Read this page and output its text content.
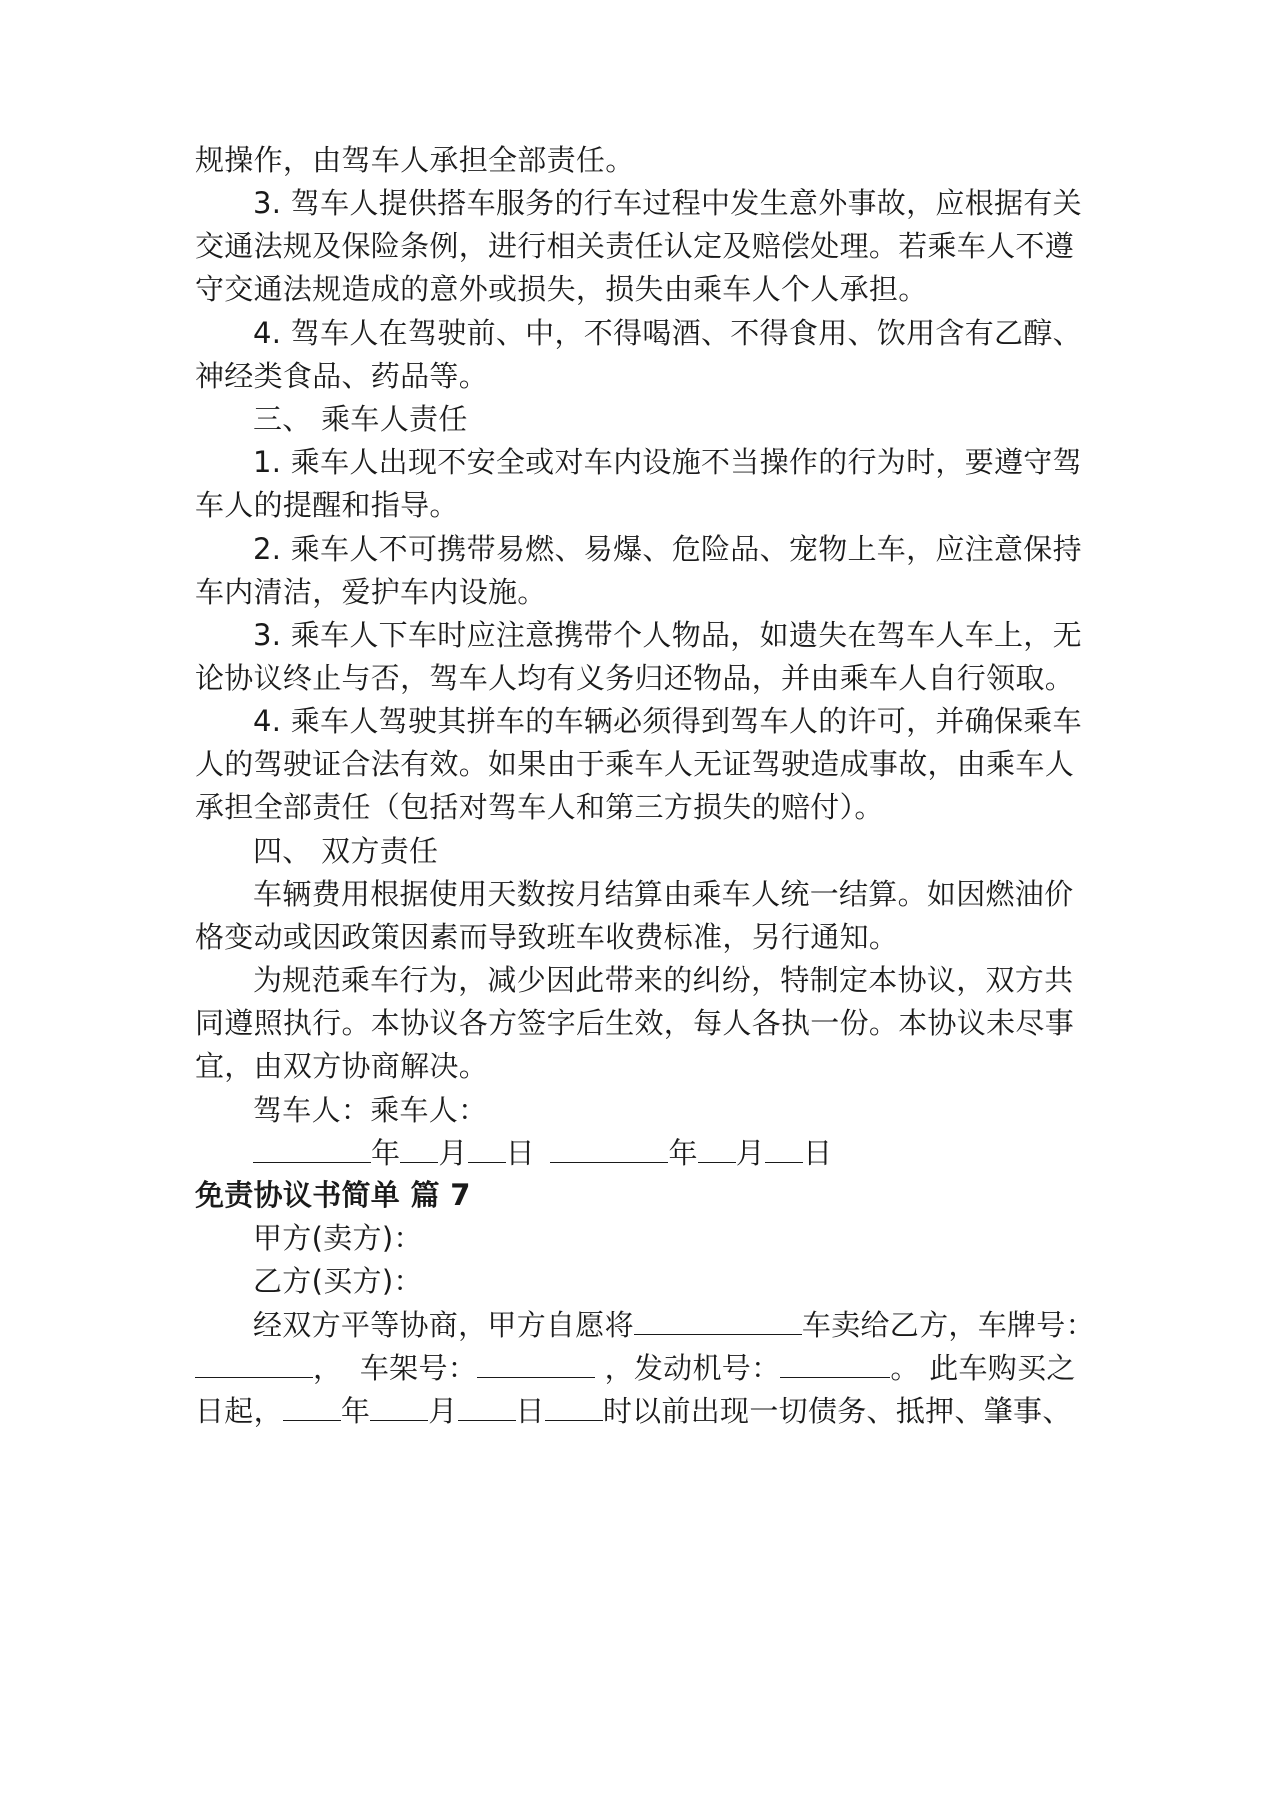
规操作，由驾车人承担全部责任。
3. 驾车人提供搭车服务的行车过程中发生意外事故，应根据有关
交通法规及保险条例，进行相关责任认定及赔偿处理。若乘车人不遵
守交通法规造成的意外或损失，损失由乘车人个人承担。
4. 驾车人在驾驶前、中，不得喝酒、不得食用、饮用含有乙醇、
神经类食品、药品等。
三、 乘车人责任
1. 乘车人出现不安全或对车内设施不当操作的行为时，要遵守驾
车人的提醒和指导。
2. 乘车人不可携带易燃、易爆、危险品、宠物上车，应注意保持
车内清洁，爱护车内设施。
3. 乘车人下车时应注意携带个人物品，如遗失在驾车人车上，无
论协议终止与否，驾车人均有义务归还物品，并由乘车人自行领取。
4. 乘车人驾驶其拼车的车辆必须得到驾车人的许可，并确保乘车
人的驾驶证合法有效。如果由于乘车人无证驾驶造成事故，由乘车人
承担全部责任（包括对驾车人和第三方损失的赔付）。
四、 双方责任
车辆费用根据使用天数按月结算由乘车人统一结算。如因燃油价
格变动或因政策因素而导致班车收费标准，另行通知。
为规范乘车行为，减少因此带来的纠纷，特制定本协议，双方共
同遵照执行。本协议各方签字后生效，每人各执一份。本协议未尽事
宜，由双方协商解决。
驾车人：乘车人：
年 月 日	年 月 日
免责协议书简单 篇 7
甲方(卖方)：
乙方(买方)：
经双方平等协商，甲方自愿将	车卖给乙方，车牌号：
， 车架号：	，发动机号：	。 此车购买之
日起， 年 月 日 时以前出现一切债务、抵押、肇事、
